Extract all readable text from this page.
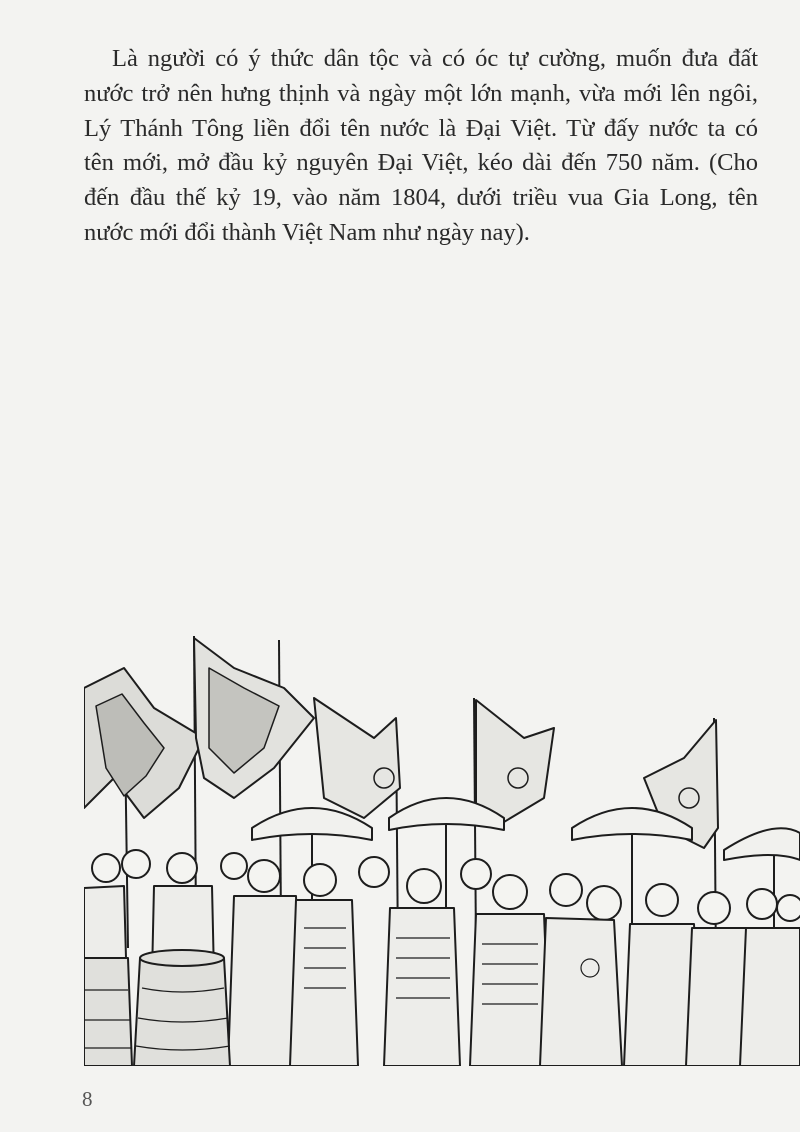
Là người có ý thức dân tộc và có óc tự cường, muốn đưa đất
nước trở nên hưng thịnh và ngày một lớn mạnh, vừa mới lên ngôi,
Lý Thánh Tông liền đổi tên nước là Đại Việt. Từ đấy nước ta có
tên mới, mở đầu kỷ nguyên Đại Việt, kéo dài đến 750 năm. (Cho
đến đầu thế kỷ 19, vào năm 1804, dưới triều vua Gia Long, tên
nước mới đổi thành Việt Nam như ngày nay).

8
